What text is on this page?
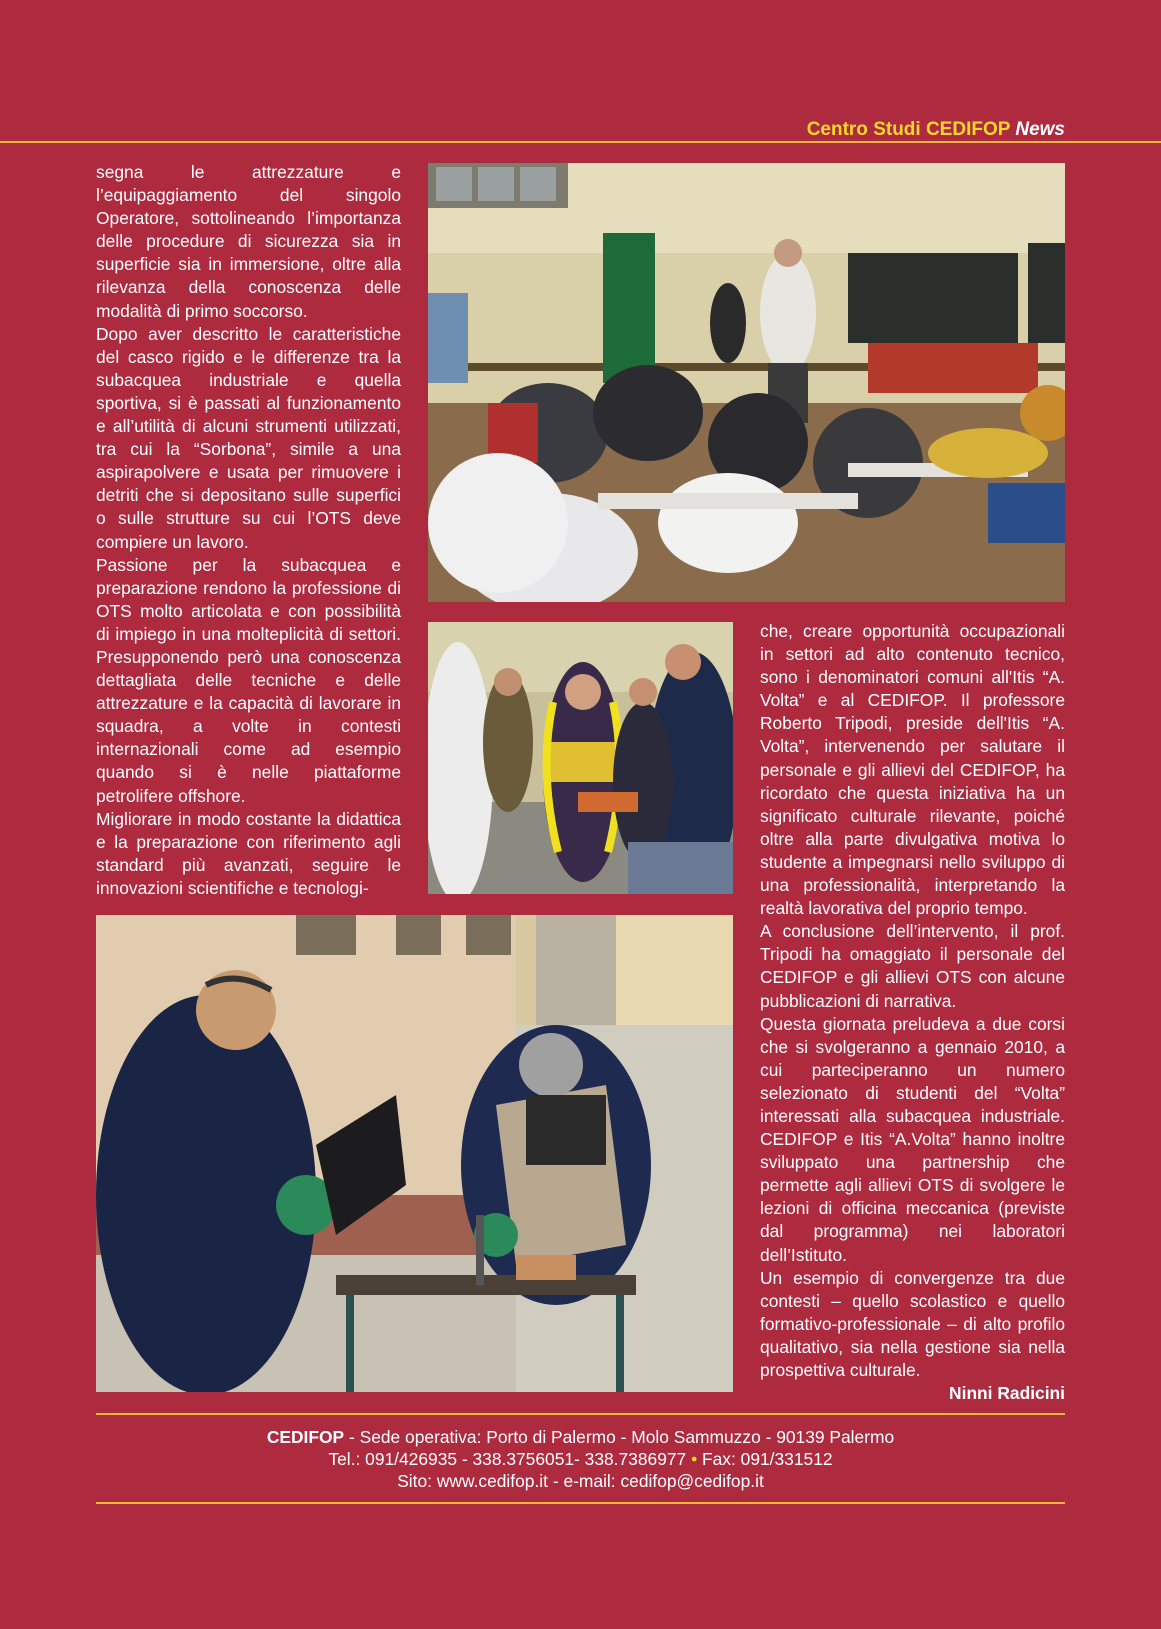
Centro Studi CEDIFOP News

segna le attrezzature e l’equipaggiamento del singolo Operatore, sottolineando l’importanza delle procedure di sicurezza sia in superficie sia in immersione, oltre alla rilevanza della conoscenza delle modalità di primo soccorso.

Dopo aver descritto le caratteristiche del casco rigido e le differenze tra la subacquea industriale e quella sportiva, si è passati al funzionamento e all’utilità di alcuni strumenti utilizzati, tra cui la “Sorbona”, simile a una aspirapolvere e usata per rimuovere i detriti che si depositano sulle superfici o sulle strutture su cui l’OTS deve compiere un lavoro.

Passione per la subacquea e preparazione rendono la professione di OTS molto articolata e con possibilità di impiego in una molteplicità di settori. Presupponendo però una conoscenza dettagliata delle tecniche e delle attrezzature e la capacità di lavorare in squadra, a volte in contesti internazionali come ad esempio quando si è nelle piattaforme petrolifere offshore.

Migliorare in modo costante la didattica e la preparazione con riferimento agli standard più avanzati, seguire le innovazioni scientifiche e tecnologi-

che, creare opportunità occupazionali in settori ad alto contenuto tecnico, sono i denominatori comuni all'Itis “A. Volta” e al CEDIFOP. Il professore Roberto Tripodi, preside dell'Itis “A. Volta”, intervenendo per salutare il personale e gli allievi del CEDIFOP, ha ricordato che questa iniziativa ha un significato culturale rilevante, poiché oltre alla parte divulgativa motiva lo studente a impegnarsi nello sviluppo di una professionalità, interpretando la realtà lavorativa del proprio tempo.

A conclusione dell’intervento, il prof. Tripodi ha omaggiato il personale del CEDIFOP e gli allievi OTS con alcune pubblicazioni di narrativa.

Questa giornata preludeva a due corsi che si svolgeranno a gennaio 2010, a cui parteciperanno un numero selezionato di studenti del “Volta” interessati alla subacquea industriale. CEDIFOP e Itis “A.Volta” hanno inoltre sviluppato una partnership che permette agli allievi OTS di svolgere le lezioni di officina meccanica (previste dal programma) nei laboratori dell’Istituto.

Un esempio di convergenze tra due contesti – quello scolastico e quello formativo-professionale – di alto profilo qualitativo, sia nella gestione sia nella prospettiva culturale.

Ninni Radicini

CEDIFOP - Sede operativa: Porto di Palermo - Molo Sammuzzo - 90139 Palermo
Tel.: 091/426935 - 338.3756051- 338.7386977 • Fax: 091/331512
Sito: www.cedifop.it - e-mail: cedifop@cedifop.it
